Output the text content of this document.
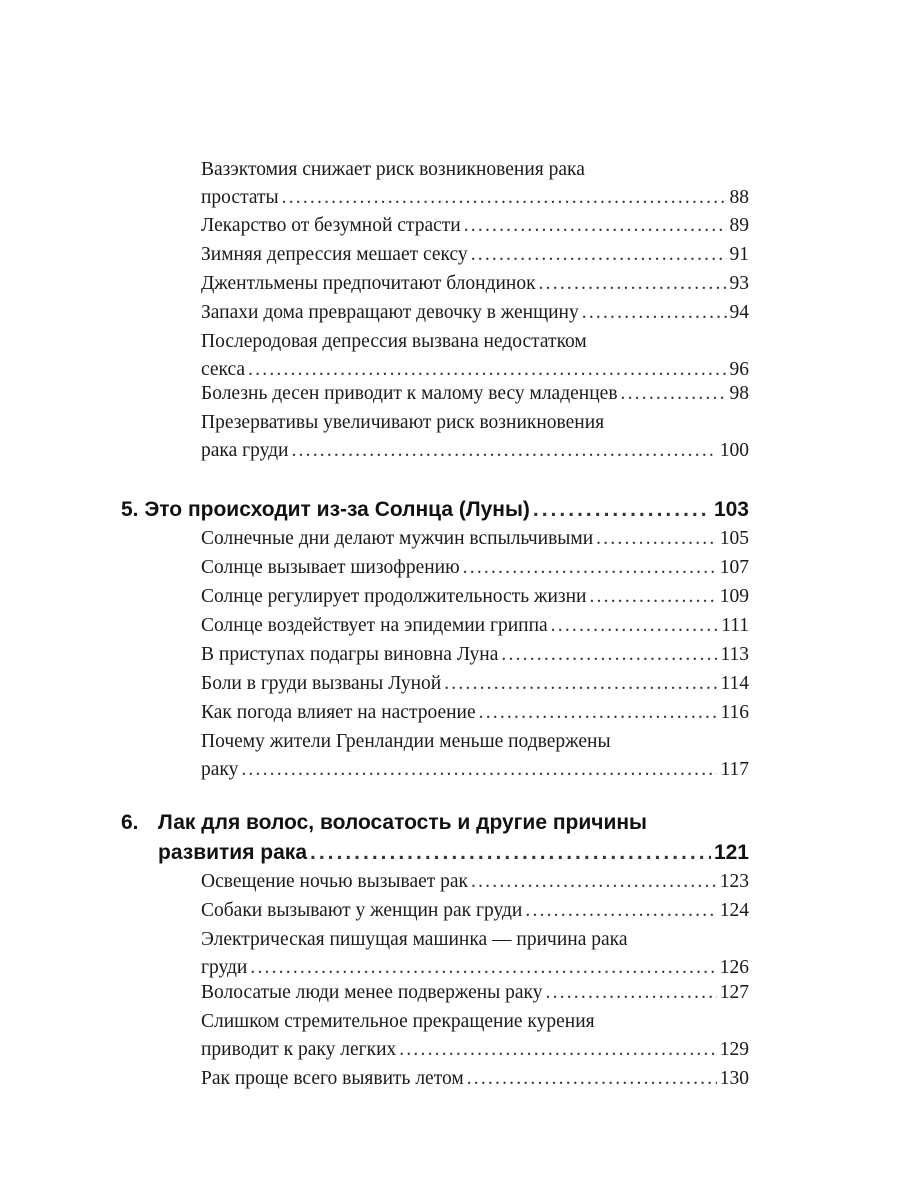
Вазэктомия снижает риск возникновения рака
простаты .....	88
Лекарство от безумной страсти .....	89
Зимняя депрессия мешает сексу .....	91
Джентльмены предпочитают блондинок .....	93
Запахи дома превращают девочку в женщину .....	94
Послеродовая депрессия вызвана недостатком
секса .....	96
Болезнь десен приводит к малому весу младенцев .....	98
Презервативы увеличивают риск возникновения
рака груди .....	100
5. Это происходит из-за Солнца (Луны) .....	103
Солнечные дни делают мужчин вспыльчивыми .....	105
Солнце вызывает шизофрению .....	107
Солнце регулирует продолжительность жизни .....	109
Солнце воздействует на эпидемии гриппа .....	111
В приступах подагры виновна Луна .....	113
Боли в груди вызваны Луной .....	114
Как погода влияет на настроение .....	116
Почему жители Гренландии меньше подвержены
раку .....	117
6. Лак для волос, волосатость и другие причины
развития рака .....	121
Освещение ночью вызывает рак .....	123
Собаки вызывают у женщин рак груди .....	124
Электрическая пишущая машинка — причина рака
груди .....	126
Волосатые люди менее подвержены раку .....	127
Слишком стремительное прекращение курения
приводит к раку легких .....	129
Рак проще всего выявить летом .....	130
